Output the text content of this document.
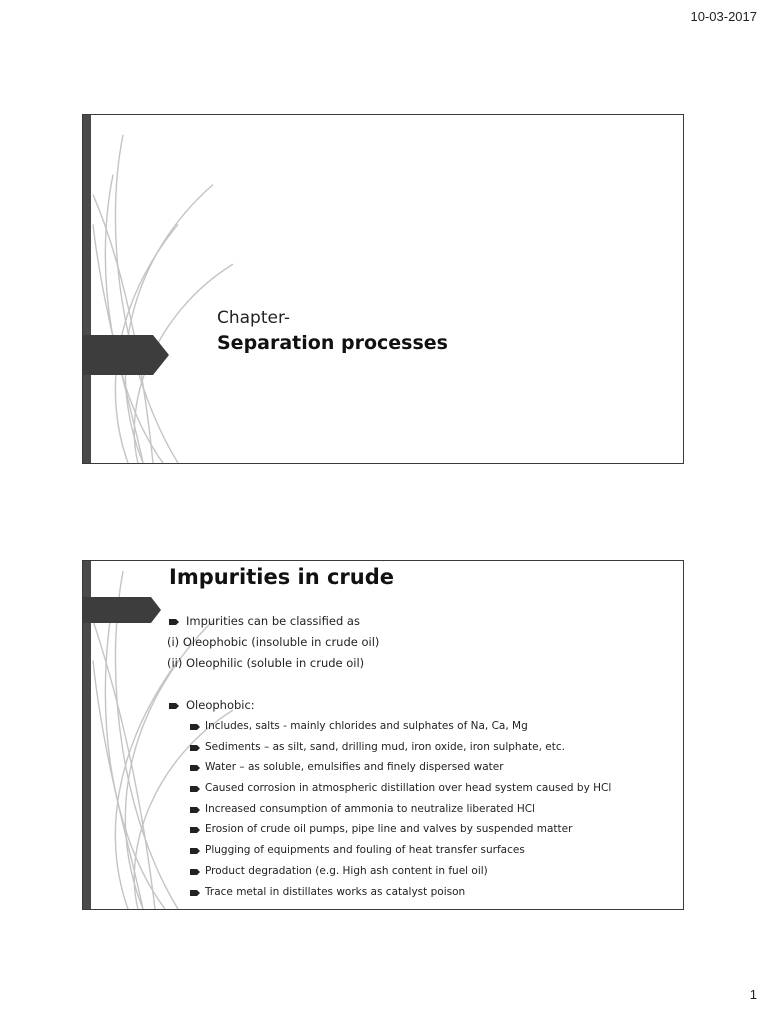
10-03-2017
Chapter-
Separation processes
Impurities in crude
Impurities can be classified as
(i) Oleophobic (insoluble in crude oil)
(ii) Oleophilic (soluble in crude oil)
Oleophobic:
Includes, salts - mainly chlorides and sulphates of Na, Ca, Mg
Sediments – as silt, sand, drilling mud, iron oxide, iron sulphate, etc.
Water – as soluble, emulsifies and finely dispersed water
Caused corrosion in atmospheric distillation over head system caused by HCl
Increased consumption of ammonia to neutralize liberated HCl
Erosion of crude oil pumps, pipe line and valves by suspended matter
Plugging of equipments and fouling of heat transfer surfaces
Product degradation (e.g. High ash content in fuel oil)
Trace metal in distillates works as catalyst poison
1
